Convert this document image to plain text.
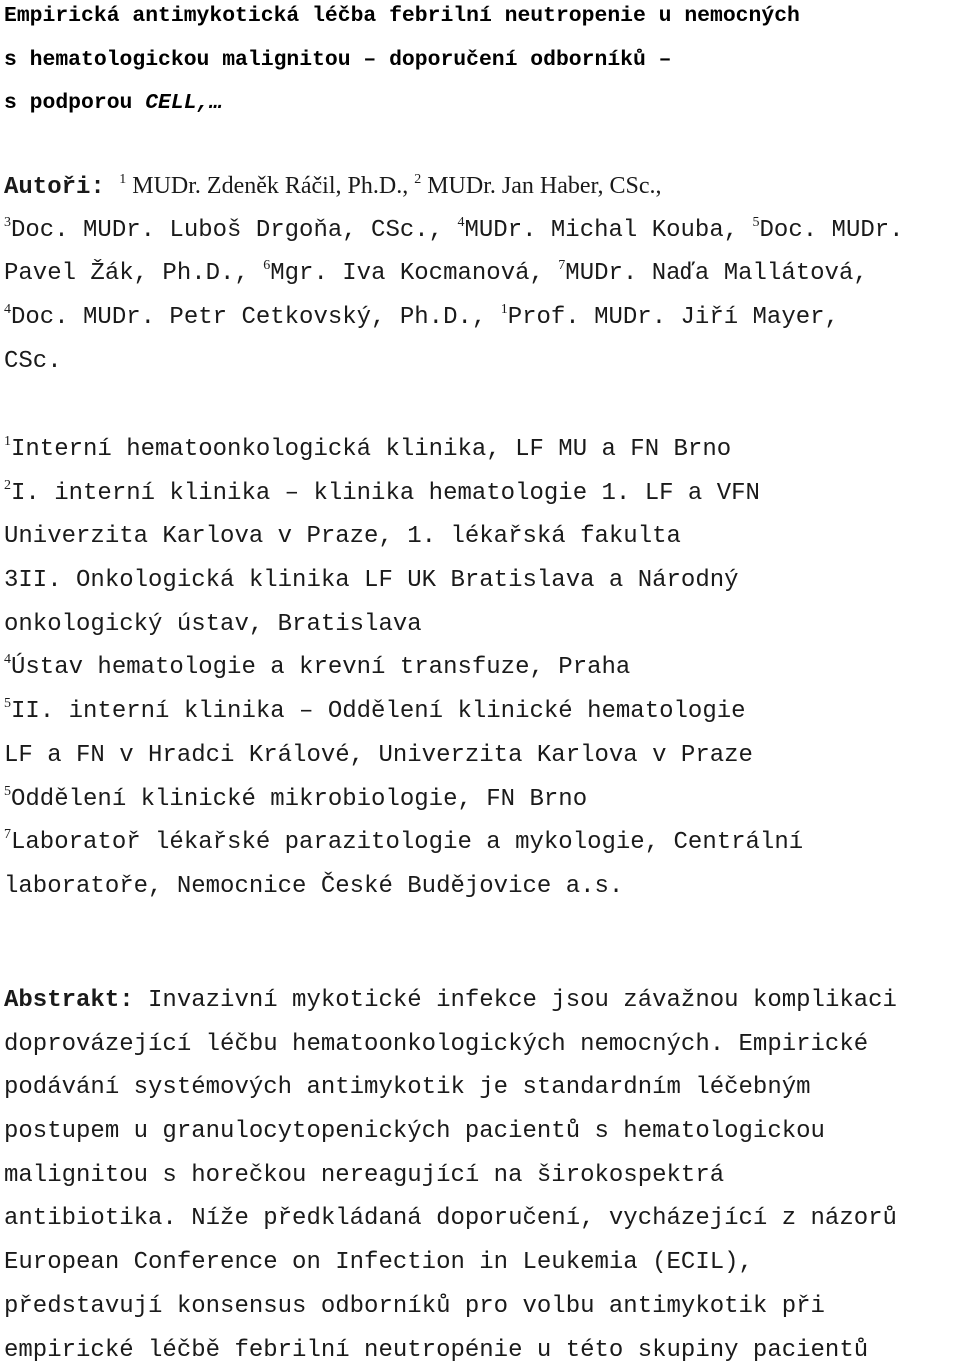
Empirická antimykotická léčba febrilní neutropenie u nemocných
s hematologickou malignitou – doporučení odborníků –
s podporou CELL,…
Autoři: $^1$ MUDr. Zdeněk Ráčil, Ph.D., $^2$ MUDr. Jan Haber, CSc.,
$^3$Doc. MUDr. Luboš Drgoňa, CSc., $^4$MUDr. Michal Kouba, $^5$Doc. MUDr.
Pavel Žák, Ph.D., $^6$Mgr. Iva Kocmanová, $^7$MUDr. Naďa Mallátová,
$^4$Doc. MUDr. Petr Cetkovský, Ph.D., $^1$Prof. MUDr. Jiří Mayer,
CSc.
$^1$Interní hematoonkologická klinika, LF MU a FN Brno
$^2$I. interní klinika – klinika hematologie 1. LF a VFN
Univerzita Karlova v Praze, 1. lékařská fakulta
3II. Onkologická klinika LF UK Bratislava a Národný
onkologický ústav, Bratislava
$^4$Ústav hematologie a krevní transfuze, Praha
$^5$II. interní klinika – Oddělení klinické hematologie
LF a FN v Hradci Králové, Univerzita Karlova v Praze
$^5$Oddělení klinické mikrobiologie, FN Brno
$^7$Laboratoř lékařské parazitologie a mykologie, Centrální
laboratoře, Nemocnice České Budějovice a.s.
Abstrakt: Invazivní mykotické infekce jsou závažnou komplikaci
doprovázející léčbu hematoonkologických nemocných. Empirické
podávání systémových antimykotik je standardním léčebným
postupem u granulocytopenických pacientů s hematologickou
malignitou s horečkou nereagující na širokospektrá
antibiotika. Níže předkládaná doporučení, vycházející z názorů
European Conference on Infection in Leukemia (ECIL),
představují konsensus odborníků pro volbu antimykotik při
empirické léčbě febrilní neutropénie u této skupiny pacientů
